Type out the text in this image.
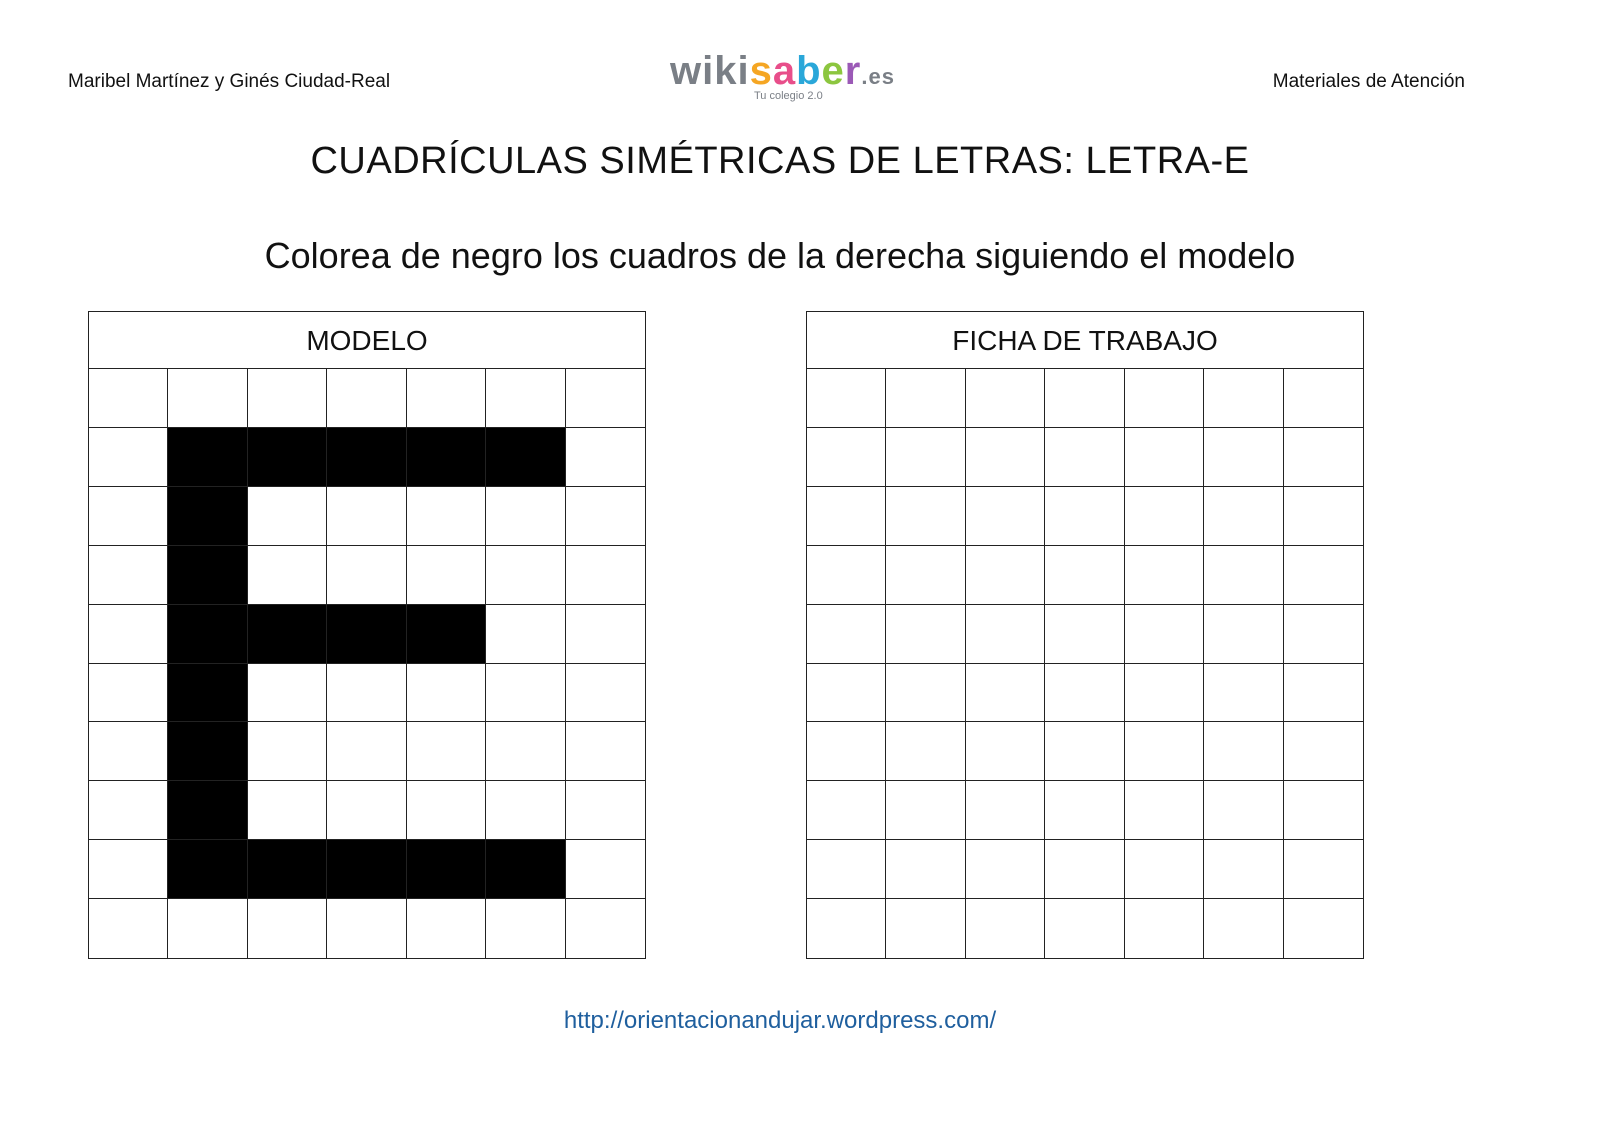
Maribel Martínez y Ginés Ciudad-Real	wikisaber.es
Tu colegio 2.0
Materiales de Atención
CUADRÍCULAS SIMÉTRICAS DE LETRAS: LETRA-E
Colorea de negro los cuadros de la derecha siguiendo el modelo
MODELO	FICHA DE TRABAJO
http://orientacionandujar.wordpress.com/
